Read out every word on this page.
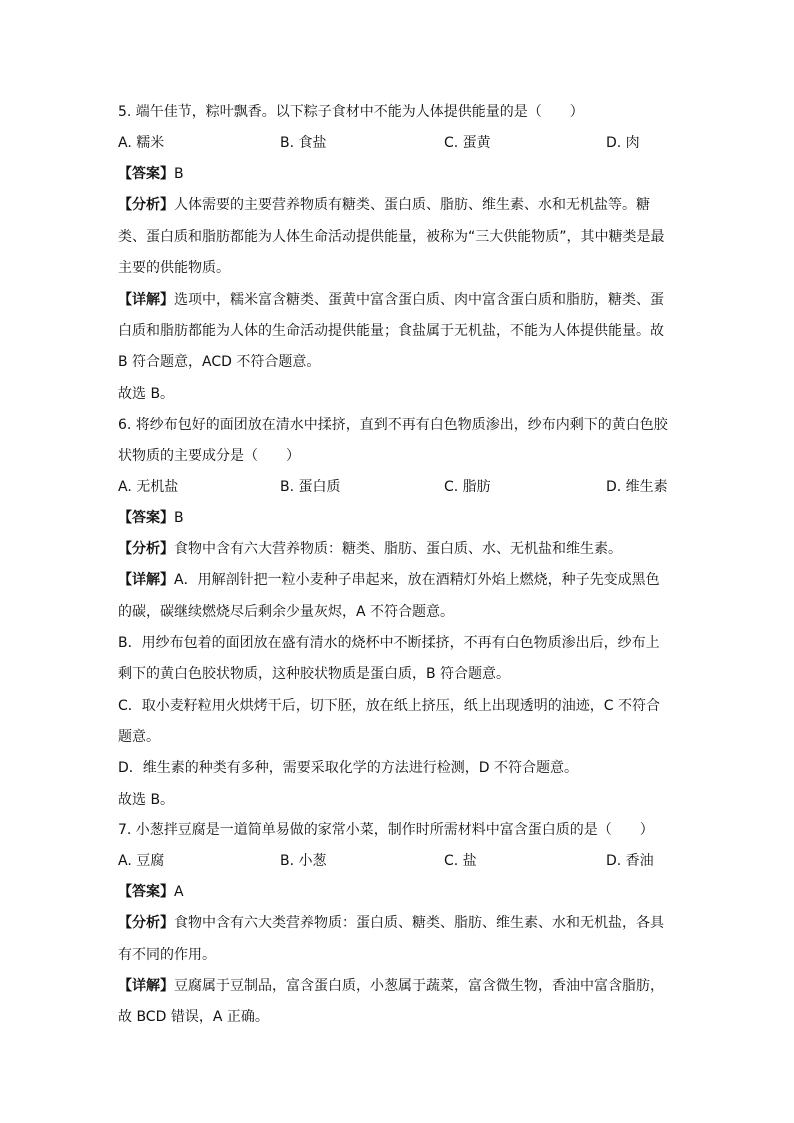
5. 端午佳节，粽叶飘香。以下粽子食材中不能为人体提供能量的是（　　）
A. 糯米	B. 食盐	C. 蛋黄	D. 肉
【答案】B
【分析】人体需要的主要营养物质有糖类、蛋白质、脂肪、维生素、水和无机盐等。糖
类、蛋白质和脂肪都能为人体生命活动提供能量，被称为“三大供能物质”，其中糖类是最
主要的供能物质。
【详解】选项中，糯米富含糖类、蛋黄中富含蛋白质、肉中富含蛋白质和脂肪，糖类、蛋
白质和脂肪都能为人体的生命活动提供能量；食盐属于无机盐，不能为人体提供能量。故
B 符合题意，ACD 不符合题意。
故选 B。
6. 将纱布包好的面团放在清水中揉挤，直到不再有白色物质渗出，纱布内剩下的黄白色胶
状物质的主要成分是（　　）
A. 无机盐	B. 蛋白质	C. 脂肪	D. 维生素
【答案】B
【分析】食物中含有六大营养物质：糖类、脂肪、蛋白质、水、无机盐和维生素。
【详解】A．用解剖针把一粒小麦种子串起来，放在酒精灯外焰上燃烧，种子先变成黑色
的碳，碳继续燃烧尽后剩余少量灰烬，A 不符合题意。
B．用纱布包着的面团放在盛有清水的烧杯中不断揉挤，不再有白色物质渗出后，纱布上
剩下的黄白色胶状物质，这种胶状物质是蛋白质，B 符合题意。
C．取小麦籽粒用火烘烤干后，切下胚，放在纸上挤压，纸上出现透明的油迹，C 不符合
题意。
D．维生素的种类有多种，需要采取化学的方法进行检测，D 不符合题意。
故选 B。
7. 小葱拌豆腐是一道简单易做的家常小菜，制作时所需材料中富含蛋白质的是（　　）
A. 豆腐	B. 小葱	C. 盐	D. 香油
【答案】A
【分析】食物中含有六大类营养物质：蛋白质、糖类、脂肪、维生素、水和无机盐，各具
有不同的作用。
【详解】豆腐属于豆制品，富含蛋白质，小葱属于蔬菜，富含微生物，香油中富含脂肪，
故 BCD 错误，A 正确。
